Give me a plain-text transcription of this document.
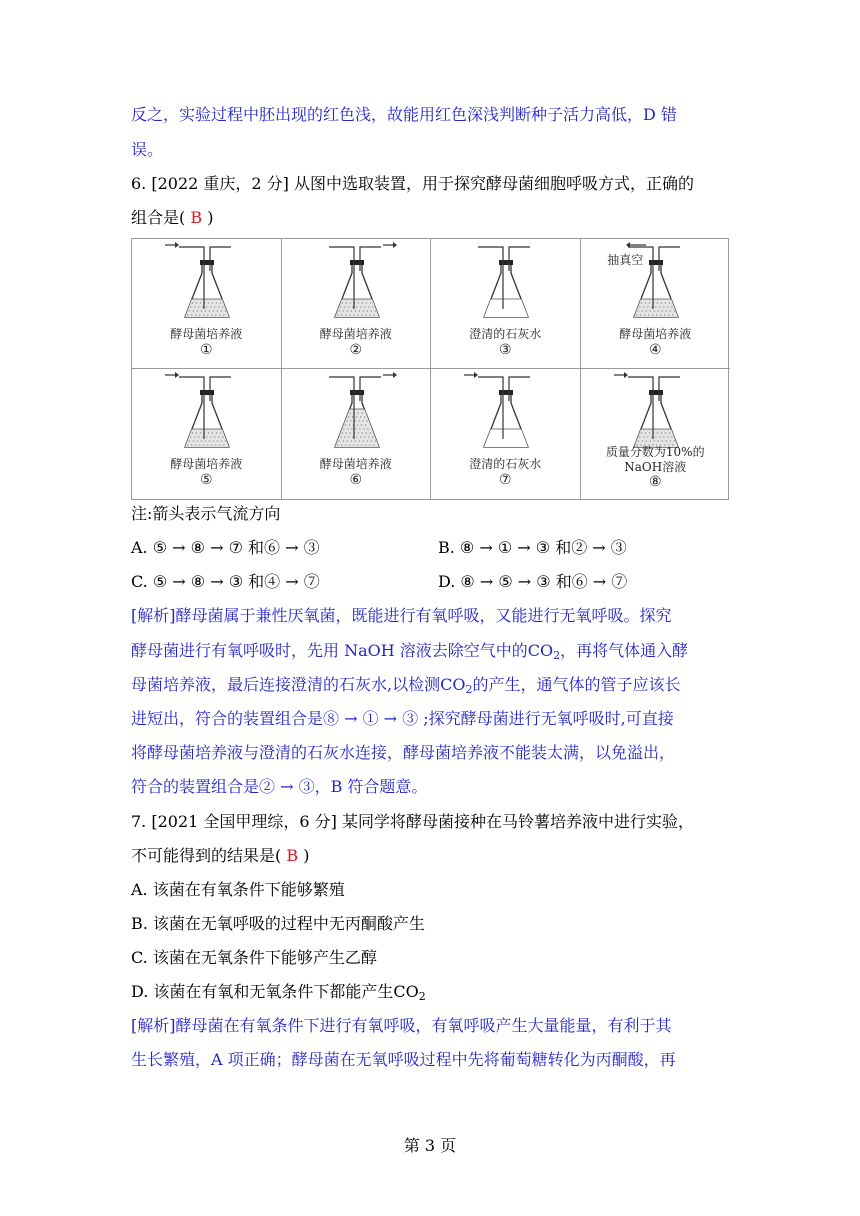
反之，实验过程中胚出现的红色浅，故能用红色深浅判断种子活力高低，D 错
误。
6. [2022 重庆，2 分] 从图中选取装置，用于探究酵母菌细胞呼吸方式，正确的
组合是( B )
酵母菌培养液
①
酵母菌培养液
②
澄清的石灰水
③
抽真空
酵母菌培养液
④
酵母菌培养液
⑤
酵母菌培养液
⑥
澄清的石灰水
⑦
质量分数为10%的
NaOH溶液
⑧
注:箭头表示气流方向
A. ⑤ → ⑧ → ⑦ 和⑥ → ③	B. ⑧ → ① → ③ 和② → ③
C. ⑤ → ⑧ → ③ 和④ → ⑦	D. ⑧ → ⑤ → ③ 和⑥ → ⑦
[解析]酵母菌属于兼性厌氧菌，既能进行有氧呼吸，又能进行无氧呼吸。探究
酵母菌进行有氧呼吸时，先用 NaOH 溶液去除空气中的$CO_2$，再将气体通入酵
母菌培养液，最后连接澄清的石灰水,以检测$CO_2$的产生，通气体的管子应该长
进短出，符合的装置组合是⑧ → ① → ③ ;探究酵母菌进行无氧呼吸时,可直接
将酵母菌培养液与澄清的石灰水连接，酵母菌培养液不能装太满，以免溢出，
符合的装置组合是② → ③，B 符合题意。
7. [2021 全国甲理综，6 分] 某同学将酵母菌接种在马铃薯培养液中进行实验，
不可能得到的结果是( B )
A. 该菌在有氧条件下能够繁殖
B. 该菌在无氧呼吸的过程中无丙酮酸产生
C. 该菌在无氧条件下能够产生乙醇
D. 该菌在有氧和无氧条件下都能产生$CO_2$
[解析]酵母菌在有氧条件下进行有氧呼吸，有氧呼吸产生大量能量，有利于其
生长繁殖，A 项正确；酵母菌在无氧呼吸过程中先将葡萄糖转化为丙酮酸，再
第 3 页
